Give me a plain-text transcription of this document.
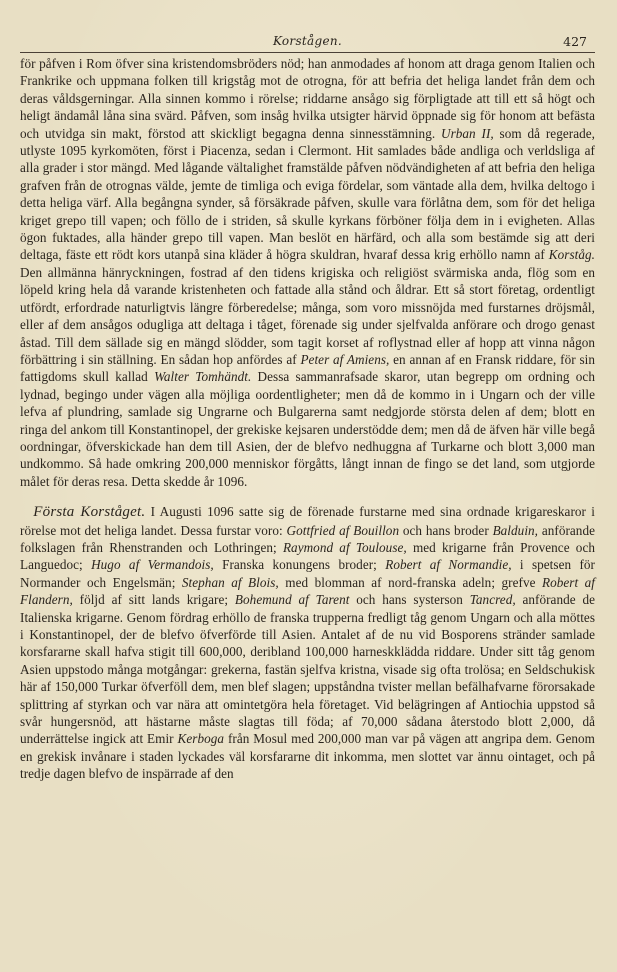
Korstågen.	427

för påfven i Rom öfver sina kristendomsbröders nöd; han anmodades af honom att draga genom Italien och Frankrike och uppmana folken till krigståg mot de otrogna, för att befria det heliga landet från dem och deras våldsgerningar. Alla sinnen kommo i rörelse; riddarne ansågo sig förpligtade att till ett så högt och heligt ändamål låna sina svärd. Påfven, som insåg hvilka utsigter härvid öppnade sig för honom att befästa och utvidga sin makt, förstod att skickligt begagna denna sinnesstämning. Urban II, som då regerade, utlyste 1095 kyrkomöten, först i Piacenza, sedan i Clermont. Hit samlades både andliga och verldsliga af alla grader i stor mängd. Med lågande vältalighet framstälde påfven nödvändigheten af att befria den heliga grafven från de otrognas välde, jemte de timliga och eviga fördelar, som väntade alla dem, hvilka deltogo i detta heliga värf. Alla begångna synder, så försäkrade påfven, skulle vara förlåtna dem, som för det heliga kriget grepo till vapen; och föllo de i striden, så skulle kyrkans förböner följa dem in i evigheten. Allas ögon fuktades, alla händer grepo till vapen. Man beslöt en härfärd, och alla som bestämde sig att deri deltaga, fäste ett rödt kors utanpå sina kläder å högra skuldran, hvaraf dessa krig erhöllo namn af Korståg. Den allmänna hänryckningen, fostrad af den tidens krigiska och religiöst svärmiska anda, flög som en löpeld kring hela då varande kristenheten och fattade alla stånd och åldrar. Ett så stort företag, ordentligt utfördt, erfordrade naturligtvis längre förberedelse; många, som voro missnöjda med furstarnes dröjsmål, eller af dem ansågos odugliga att deltaga i tåget, förenade sig under sjelfvalda anförare och drogo genast åstad. Till dem sällade sig en mängd slödder, som tagit korset af roflystnad eller af hopp att vinna någon förbättring i sin ställning. En sådan hop anfördes af Peter af Amiens, en annan af en Fransk riddare, för sin fattigdoms skull kallad Walter Tomhändt. Dessa sammanrafsade skaror, utan begrepp om ordning och lydnad, begingo under vägen alla möjliga oordentligheter; men då de kommo in i Ungarn och der ville lefva af plundring, samlade sig Ungrarne och Bulgarerna samt nedgjorde största delen af dem; blott en ringa del ankom till Konstantinopel, der grekiske kejsaren understödde dem; men då de äfven här ville begå oordningar, öfverskickade han dem till Asien, der de blefvo nedhuggna af Turkarne och blott 3,000 man undkommo. Så hade omkring 200,000 menniskor förgåtts, långt innan de fingo se det land, som utgjorde målet för deras resa. Detta skedde år 1096.

 Första Korståget. I Augusti 1096 satte sig de förenade furstarne med sina ordnade krigareskaror i rörelse mot det heliga landet. Dessa furstar voro: Gottfried af Bouillon och hans broder Balduin, anförande folkslagen från Rhenstranden och Lothringen; Raymond af Toulouse, med krigarne från Provence och Languedoc; Hugo af Vermandois, Franska konungens broder; Robert af Normandie, i spetsen för Normander och Engelsmän; Stephan af Blois, med blomman af nord-franska adeln; grefve Robert af Flandern, följd af sitt lands krigare; Bohemund af Tarent och hans systerson Tancred, anförande de Italienska krigarne. Genom fördrag erhöllo de franska trupperna fredligt tåg genom Ungarn och alla möttes i Konstantinopel, der de blefvo öfverförde till Asien. Antalet af de nu vid Bosporens stränder samlade korsfararne skall hafva stigit till 600,000, deribland 100,000 harneskklädda riddare. Under sitt tåg genom Asien uppstodo många motgångar: grekerna, fastän sjelfva kristna, visade sig ofta trolösa; en Seldschukisk här af 150,000 Turkar öfverföll dem, men blef slagen; uppståndna tvister mellan befälhafvarne förorsakade splittring af styrkan och var nära att omintetgöra hela företaget. Vid belägringen af Antiochia uppstod så svår hungersnöd, att hästarne måste slagtas till föda; af 70,000 sådana återstodo blott 2,000, då underrättelse ingick att Emir Kerboga från Mosul med 200,000 man var på vägen att angripa dem. Genom en grekisk invånare i staden lyckades väl korsfararne dit inkomma, men slottet var ännu ointaget, och på tredje dagen blefvo de inspärrade af den
